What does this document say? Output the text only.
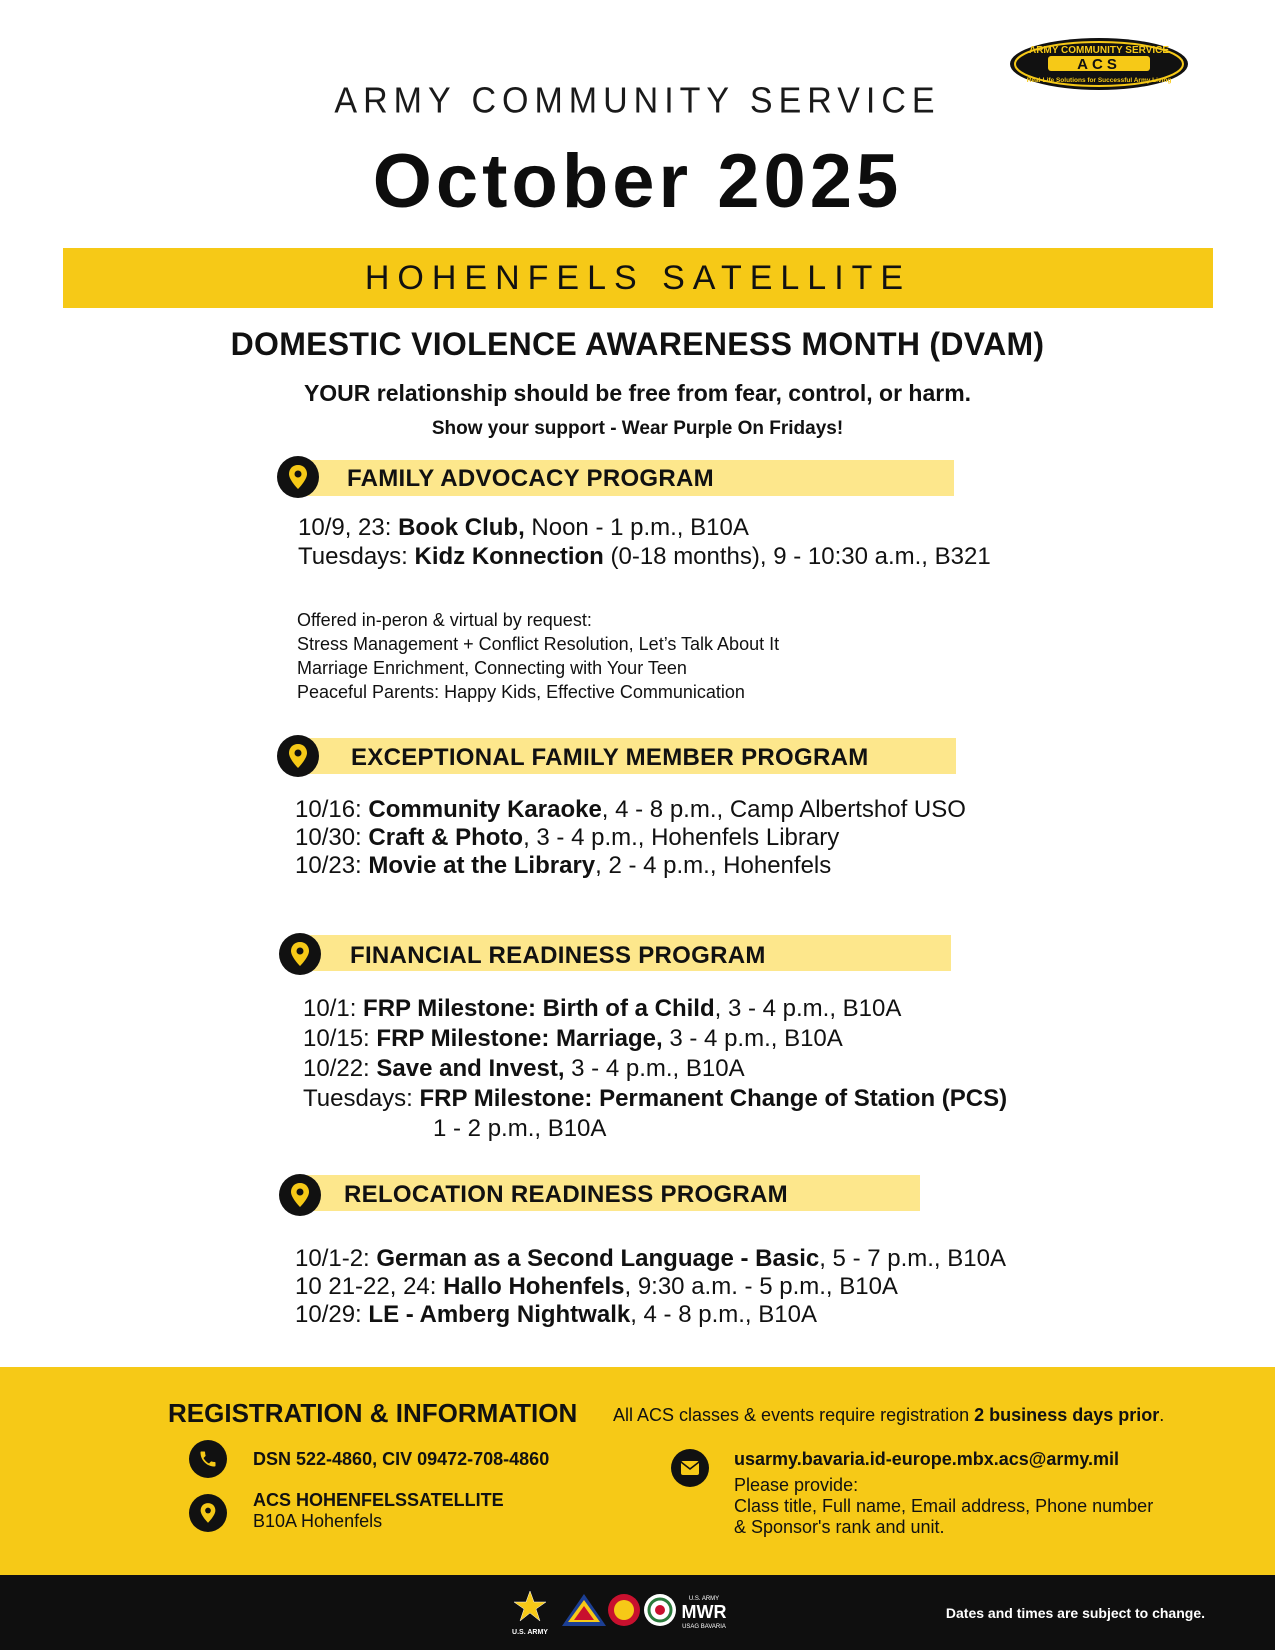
ARMY COMMUNITY SERVICE
ACS
Real-Life Solutions for Successful Army Living
ARMY COMMUNITY SERVICE
October 2025
HOHENFELS SATELLITE
DOMESTIC VIOLENCE AWARENESS MONTH (DVAM)
YOUR relationship should be free from fear, control, or harm.
Show your support - Wear Purple On Fridays!
FAMILY ADVOCACY PROGRAM
10/9, 23: Book Club, Noon - 1 p.m., B10A
Tuesdays: Kidz Konnection (0-18 months), 9 - 10:30 a.m., B321
Offered in-peron & virtual by request:
Stress Management + Conflict Resolution, Let’s Talk About It
Marriage Enrichment, Connecting with Your Teen
Peaceful Parents: Happy Kids, Effective Communication
EXCEPTIONAL FAMILY MEMBER PROGRAM
10/16: Community Karaoke, 4 - 8 p.m., Camp Albertshof USO
10/30: Craft & Photo, 3 - 4 p.m., Hohenfels Library
10/23: Movie at the Library, 2 - 4 p.m., Hohenfels
FINANCIAL READINESS PROGRAM
10/1: FRP Milestone: Birth of a Child, 3 - 4 p.m., B10A
10/15: FRP Milestone: Marriage, 3 - 4 p.m., B10A
10/22: Save and Invest, 3 - 4 p.m., B10A
Tuesdays: FRP Milestone: Permanent Change of Station (PCS)
1 - 2 p.m., B10A
RELOCATION READINESS PROGRAM
10/1-2: German as a Second Language - Basic, 5 - 7 p.m., B10A
10 21-22, 24: Hallo Hohenfels, 9:30 a.m. - 5 p.m., B10A
10/29: LE - Amberg Nightwalk, 4 - 8 p.m., B10A
REGISTRATION & INFORMATION All ACS classes & events require registration 2 business days prior.
DSN 522-4860, CIV 09472-708-4860
ACS HOHENFELSSATELLITE
B10A Hohenfels
usarmy.bavaria.id-europe.mbx.acs@army.mil
Please provide:
Class title, Full name, Email address, Phone number
& Sponsor's rank and unit.
U.S. ARMY
U.S. ARMY
MWR
USAG BAVARIA
Dates and times are subject to change.
